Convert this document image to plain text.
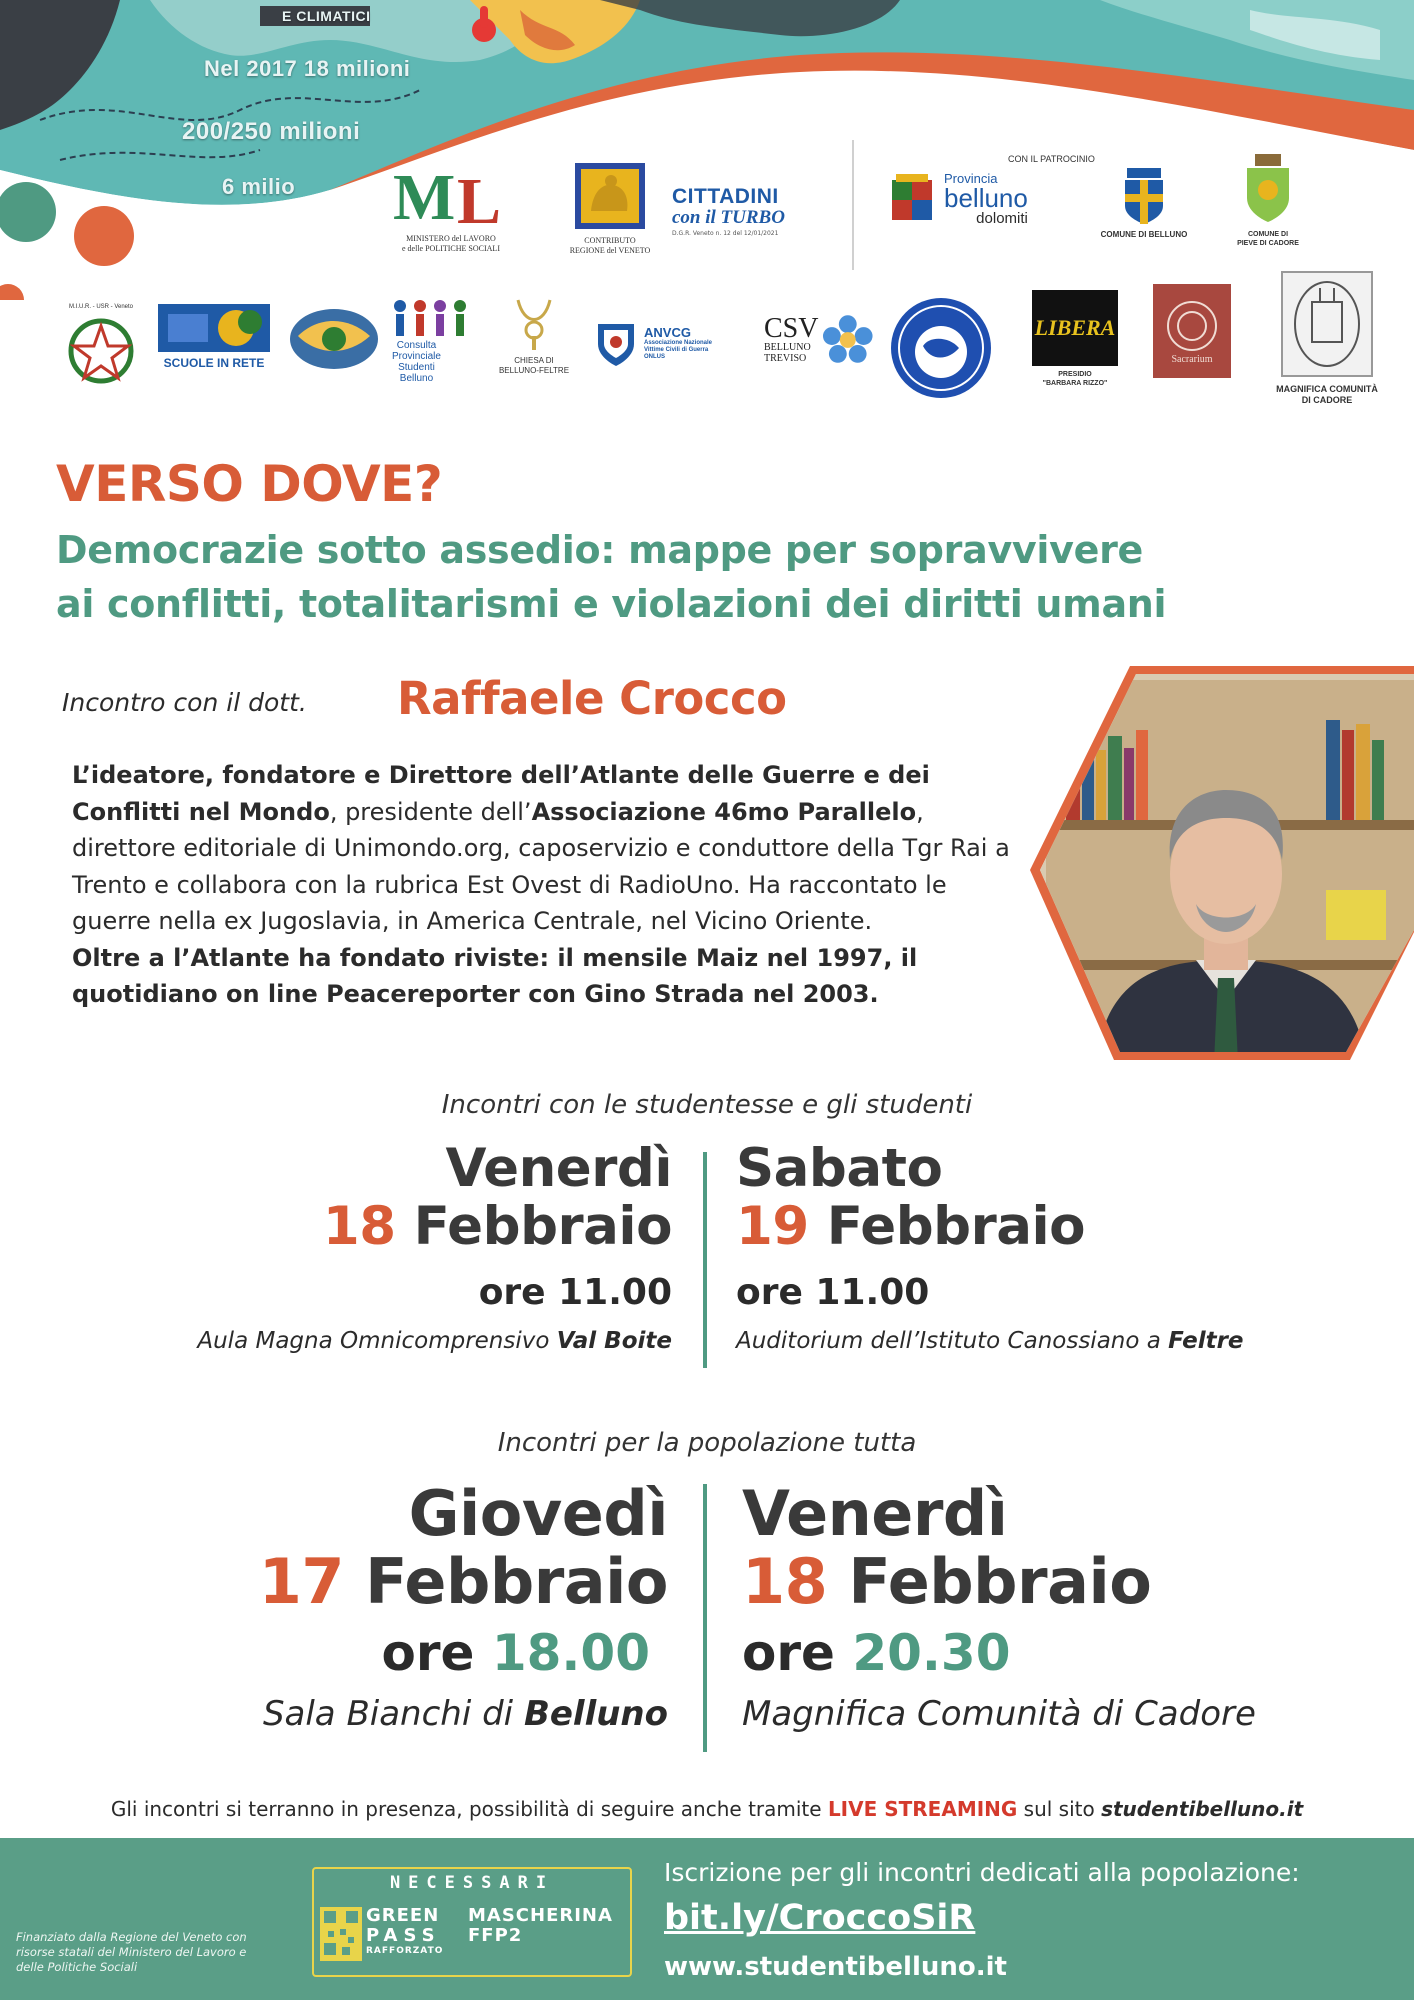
E CLIMATICI
Nel 2017 18 milioni
200/250 milioni
6 milio M L
MINISTERO del LAVORO
e delle POLITICHE SOCIALI
CONTRIBUTO
REGIONE del VENETO
CITTADINI
con il TURBO
D.G.R. Veneto n. 12 del 12/01/2021
CON IL PATROCINIO
Provincia
belluno
dolomiti
COMUNE DI BELLUNO	COMUNE DI
PIEVE DI CADORE
M.I.U.R. - USR - Veneto
SCUOLE IN RETE
Consulta
Provinciale
Studenti
Belluno
CHIESA DI
BELLUNO-FELTRE
ANVCG
Associazione Nazionale
Vittime Civili di Guerra
ONLUS
CSV
BELLUNO
TREVISO
LIBERA
PRESIDIO
"BARBARA RIZZO"
Sacrarium
MAGNIFICA COMUNITÀ
DI CADORE
VERSO DOVE?
Democrazie sotto assedio: mappe per sopravvivere
ai conflitti, totalitarismi e violazioni dei diritti umani
Incontro con il dott. Raffaele Crocco

L’ideatore, fondatore e Direttore dell’Atlante delle Guerre e dei Conflitti nel Mondo, presidente dell’Associazione 46mo Parallelo, direttore editoriale di Unimondo.org, caposervizio e conduttore della Tgr Rai a Trento e collabora con la rubrica Est Ovest di RadioUno. Ha raccontato le guerre nella ex Jugoslavia, in America Centrale, nel Vicino Oriente.

Oltre a l’Atlante ha fondato riviste: il mensile Maiz nel 1997, il quotidiano on line Peacereporter con Gino Strada nel 2003.

Incontri con le studentesse e gli studenti
Venerdì
18 Febbraio
ore 11.00
Aula Magna Omnicomprensivo Val Boite
Sabato
19 Febbraio
ore 11.00
Auditorium dell’Istituto Canossiano a Feltre
Incontri per la popolazione tutta
Giovedì
17 Febbraio
ore 18.00
Sala Bianchi di Belluno
Venerdì
18 Febbraio
ore 20.30
Magnifica Comunità di Cadore
Gli incontri si terranno in presenza, possibilità di seguire anche tramite LIVE STREAMING sul sito studentibelluno.it
Finanziato dalla Regione del Veneto con risorse statali del Ministero del Lavoro e delle Politiche Sociali
NECESSARI
GREEN
PASS
RAFFORZATO
MASCHERINA
FFP2
Iscrizione per gli incontri dedicati alla popolazione:
bit.ly/CroccoSiR
www.studentibelluno.it
